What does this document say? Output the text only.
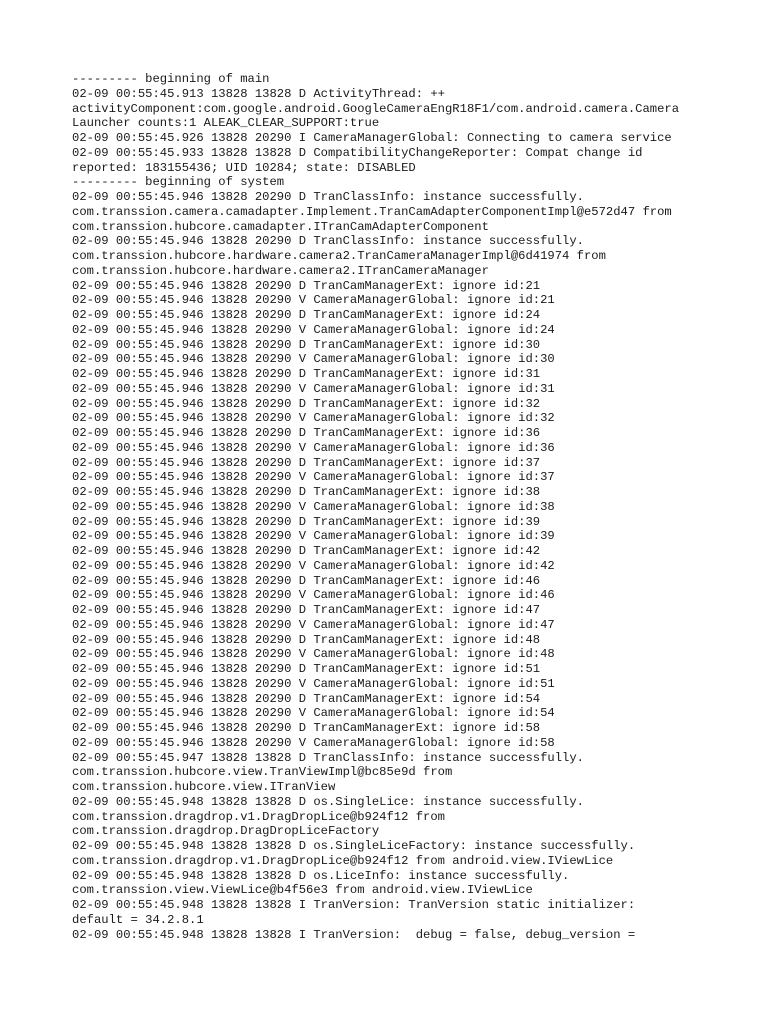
--------- beginning of main
02-09 00:55:45.913 13828 13828 D ActivityThread: ++
activityComponent:com.google.android.GoogleCameraEngR18F1/com.android.camera.Camera
Launcher counts:1 ALEAK_CLEAR_SUPPORT:true
02-09 00:55:45.926 13828 20290 I CameraManagerGlobal: Connecting to camera service
02-09 00:55:45.933 13828 13828 D CompatibilityChangeReporter: Compat change id
reported: 183155436; UID 10284; state: DISABLED
--------- beginning of system
02-09 00:55:45.946 13828 20290 D TranClassInfo: instance successfully.
com.transsion.camera.camadapter.Implement.TranCamAdapterComponentImpl@e572d47 from
com.transsion.hubcore.camadapter.ITranCamAdapterComponent
02-09 00:55:45.946 13828 20290 D TranClassInfo: instance successfully.
com.transsion.hubcore.hardware.camera2.TranCameraManagerImpl@6d41974 from
com.transsion.hubcore.hardware.camera2.ITranCameraManager
02-09 00:55:45.946 13828 20290 D TranCamManagerExt: ignore id:21
02-09 00:55:45.946 13828 20290 V CameraManagerGlobal: ignore id:21
02-09 00:55:45.946 13828 20290 D TranCamManagerExt: ignore id:24
02-09 00:55:45.946 13828 20290 V CameraManagerGlobal: ignore id:24
02-09 00:55:45.946 13828 20290 D TranCamManagerExt: ignore id:30
02-09 00:55:45.946 13828 20290 V CameraManagerGlobal: ignore id:30
02-09 00:55:45.946 13828 20290 D TranCamManagerExt: ignore id:31
02-09 00:55:45.946 13828 20290 V CameraManagerGlobal: ignore id:31
02-09 00:55:45.946 13828 20290 D TranCamManagerExt: ignore id:32
02-09 00:55:45.946 13828 20290 V CameraManagerGlobal: ignore id:32
02-09 00:55:45.946 13828 20290 D TranCamManagerExt: ignore id:36
02-09 00:55:45.946 13828 20290 V CameraManagerGlobal: ignore id:36
02-09 00:55:45.946 13828 20290 D TranCamManagerExt: ignore id:37
02-09 00:55:45.946 13828 20290 V CameraManagerGlobal: ignore id:37
02-09 00:55:45.946 13828 20290 D TranCamManagerExt: ignore id:38
02-09 00:55:45.946 13828 20290 V CameraManagerGlobal: ignore id:38
02-09 00:55:45.946 13828 20290 D TranCamManagerExt: ignore id:39
02-09 00:55:45.946 13828 20290 V CameraManagerGlobal: ignore id:39
02-09 00:55:45.946 13828 20290 D TranCamManagerExt: ignore id:42
02-09 00:55:45.946 13828 20290 V CameraManagerGlobal: ignore id:42
02-09 00:55:45.946 13828 20290 D TranCamManagerExt: ignore id:46
02-09 00:55:45.946 13828 20290 V CameraManagerGlobal: ignore id:46
02-09 00:55:45.946 13828 20290 D TranCamManagerExt: ignore id:47
02-09 00:55:45.946 13828 20290 V CameraManagerGlobal: ignore id:47
02-09 00:55:45.946 13828 20290 D TranCamManagerExt: ignore id:48
02-09 00:55:45.946 13828 20290 V CameraManagerGlobal: ignore id:48
02-09 00:55:45.946 13828 20290 D TranCamManagerExt: ignore id:51
02-09 00:55:45.946 13828 20290 V CameraManagerGlobal: ignore id:51
02-09 00:55:45.946 13828 20290 D TranCamManagerExt: ignore id:54
02-09 00:55:45.946 13828 20290 V CameraManagerGlobal: ignore id:54
02-09 00:55:45.946 13828 20290 D TranCamManagerExt: ignore id:58
02-09 00:55:45.946 13828 20290 V CameraManagerGlobal: ignore id:58
02-09 00:55:45.947 13828 13828 D TranClassInfo: instance successfully.
com.transsion.hubcore.view.TranViewImpl@bc85e9d from
com.transsion.hubcore.view.ITranView
02-09 00:55:45.948 13828 13828 D os.SingleLice: instance successfully.
com.transsion.dragdrop.v1.DragDropLice@b924f12 from
com.transsion.dragdrop.DragDropLiceFactory
02-09 00:55:45.948 13828 13828 D os.SingleLiceFactory: instance successfully.
com.transsion.dragdrop.v1.DragDropLice@b924f12 from android.view.IViewLice
02-09 00:55:45.948 13828 13828 D os.LiceInfo: instance successfully.
com.transsion.view.ViewLice@b4f56e3 from android.view.IViewLice
02-09 00:55:45.948 13828 13828 I TranVersion: TranVersion static initializer:
default = 34.2.8.1
02-09 00:55:45.948 13828 13828 I TranVersion:  debug = false, debug_version =
